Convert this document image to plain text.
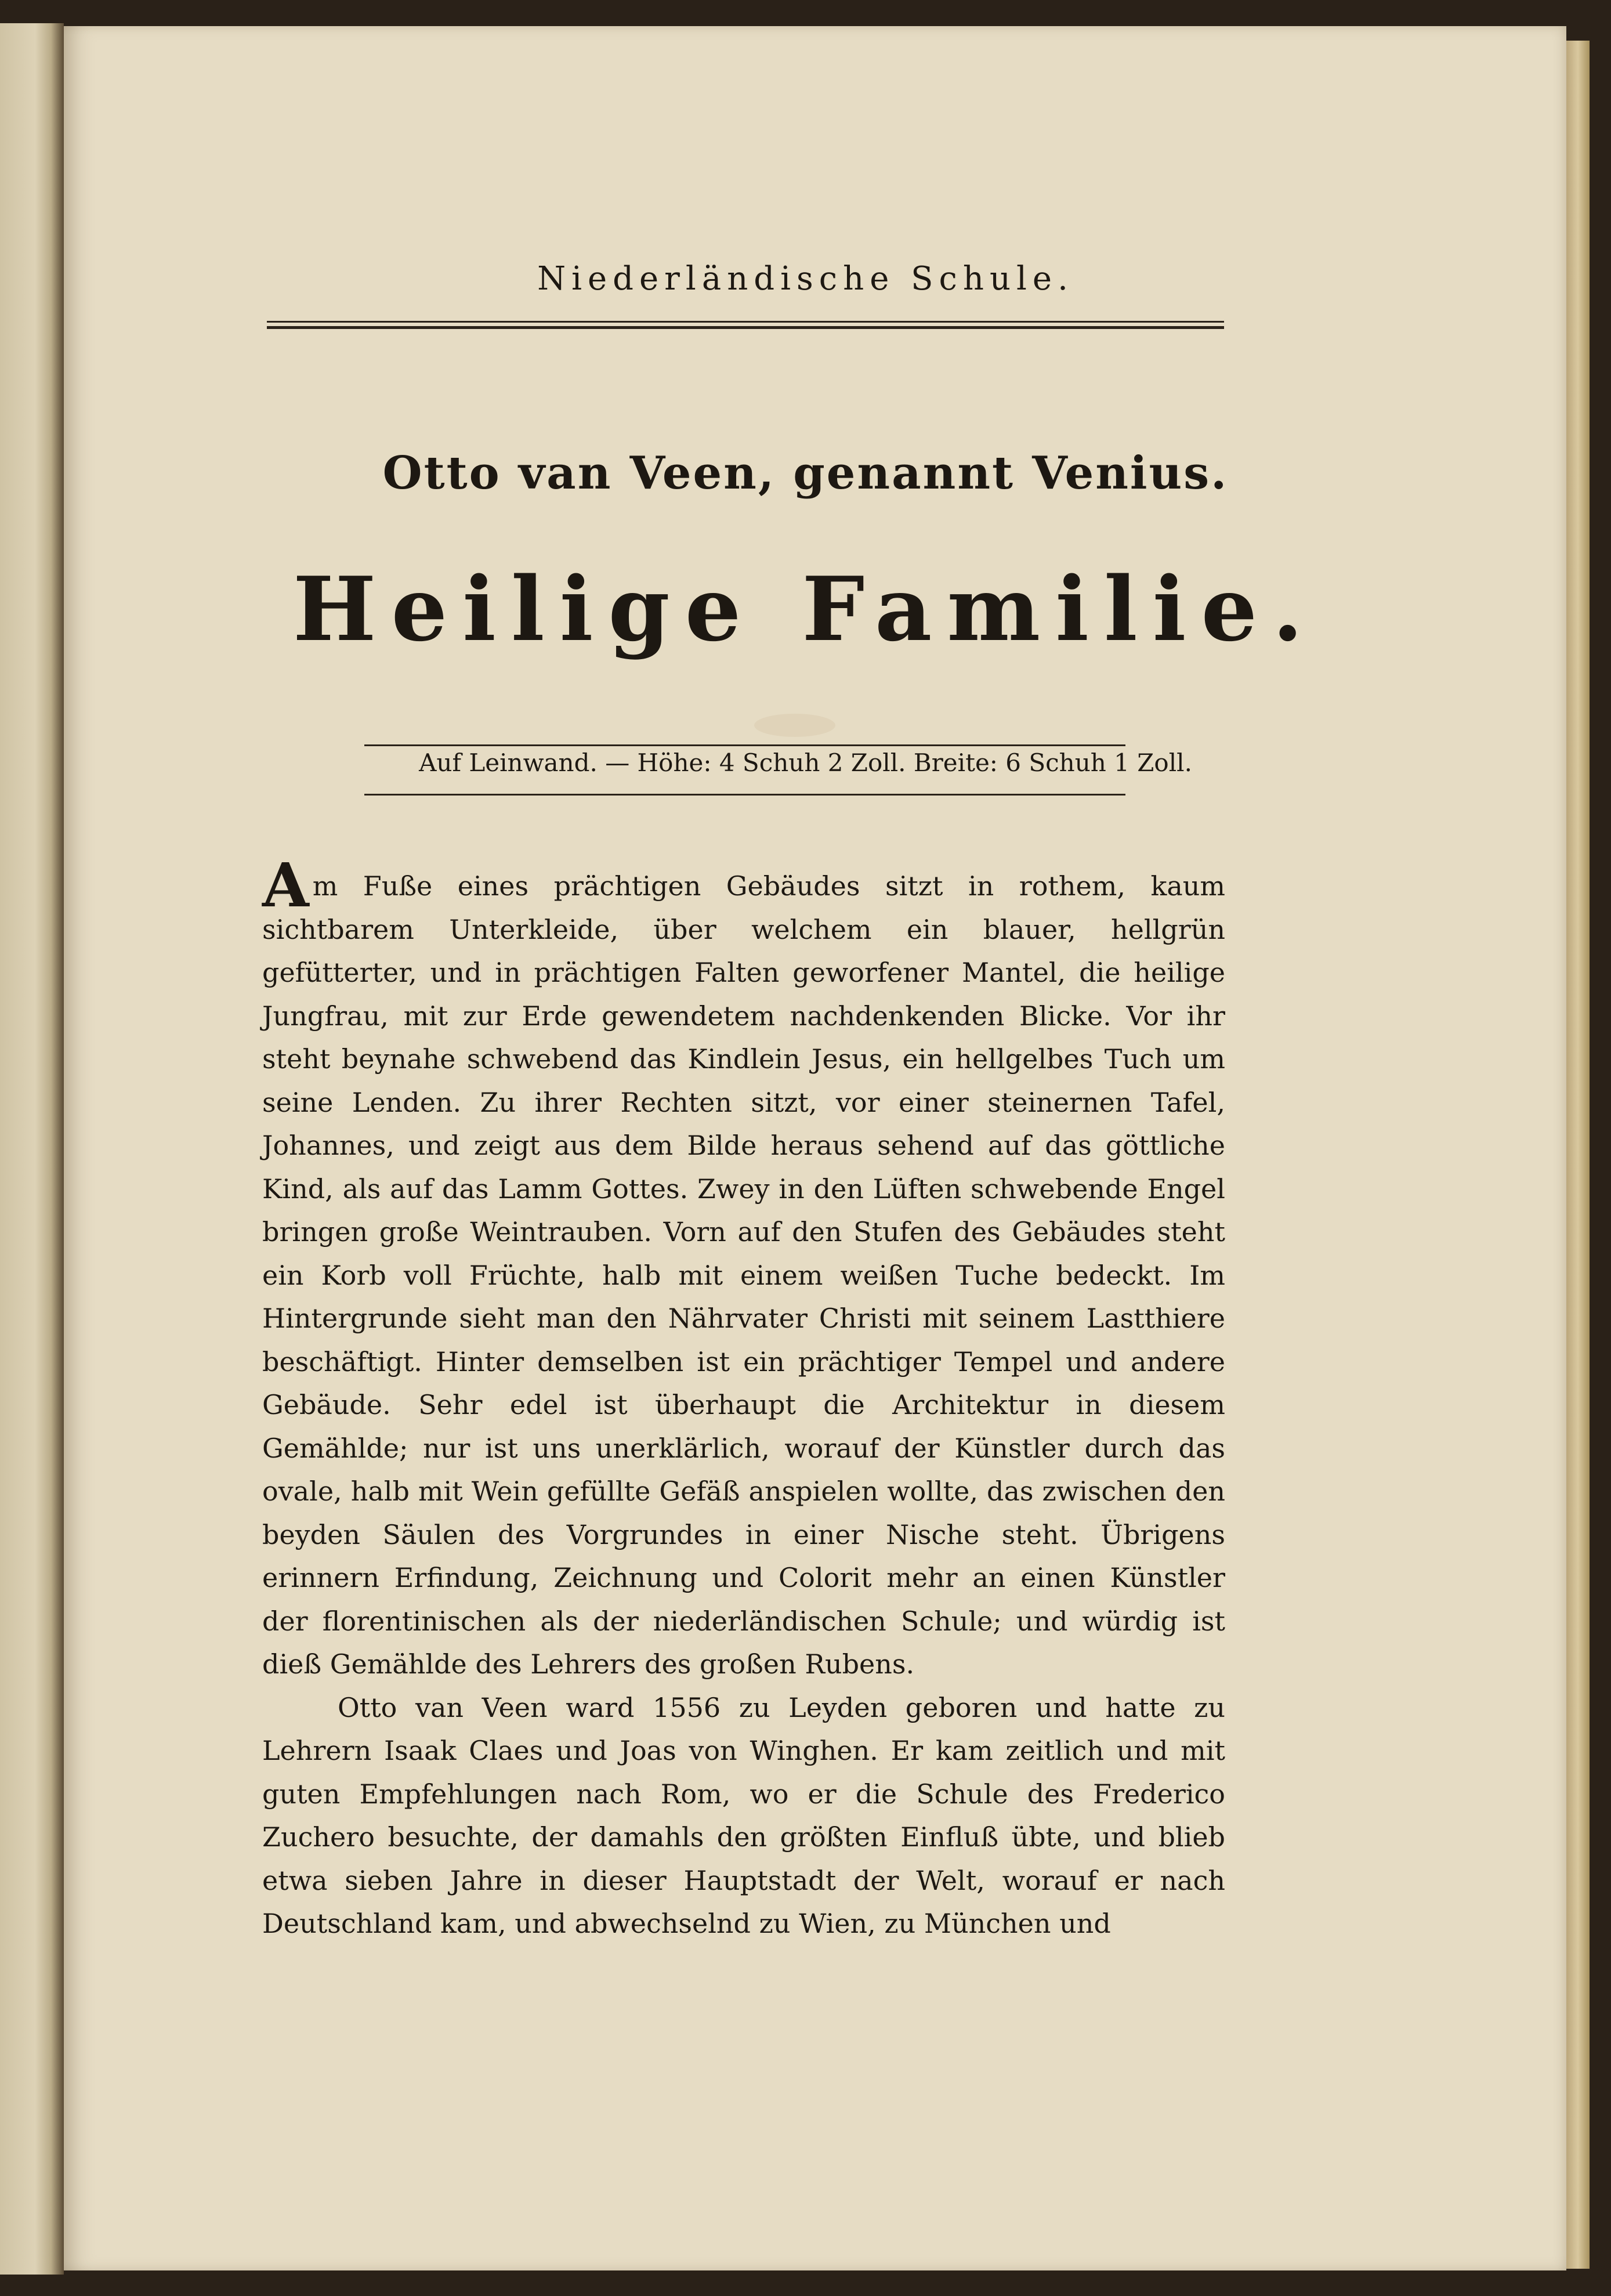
Niederländische Schule.
Otto van Veen, genannt Venius.
Heilige Familie.
Auf Leinwand. — Höhe: 4 Schuh 2 Zoll. Breite: 6 Schuh 1 Zoll.

Am Fuße eines prächtigen Gebäudes sitzt in rothem, kaum sichtbarem Unterkleide, über welchem ein blauer, hellgrün gefütterter, und in prächtigen Falten geworfener Mantel, die heilige Jungfrau, mit zur Erde gewendetem nachdenkenden Blicke. Vor ihr steht beynahe schwebend das Kindlein Jesus, ein hellgelbes Tuch um seine Lenden. Zu ihrer Rechten sitzt, vor einer steinernen Tafel, Johannes, und zeigt aus dem Bilde heraus sehend auf das göttliche Kind, als auf das Lamm Gottes. Zwey in den Lüften schwebende Engel bringen große Weintrauben. Vorn auf den Stufen des Gebäudes steht ein Korb voll Früchte, halb mit einem weißen Tuche bedeckt. Im Hintergrunde sieht man den Nährvater Christi mit seinem Lastthiere beschäftigt. Hinter demselben ist ein prächtiger Tempel und andere Gebäude. Sehr edel ist überhaupt die Architektur in diesem Gemählde; nur ist uns unerklärlich, worauf der Künstler durch das ovale, halb mit Wein gefüllte Gefäß anspielen wollte, das zwischen den beyden Säulen des Vorgrundes in einer Nische steht. Übrigens erinnern Erfindung, Zeichnung und Colorit mehr an einen Künstler der florentinischen als der niederländischen Schule; und würdig ist dieß Gemählde des Lehrers des großen Rubens.

Otto van Veen ward 1556 zu Leyden geboren und hatte zu Lehrern Isaak Claes und Joas von Winghen. Er kam zeitlich und mit guten Empfehlungen nach Rom, wo er die Schule des Frederico Zuchero besuchte, der damahls den größten Einfluß übte, und blieb etwa sieben Jahre in dieser Hauptstadt der Welt, worauf er nach Deutschland kam, und abwechselnd zu Wien, zu München und
